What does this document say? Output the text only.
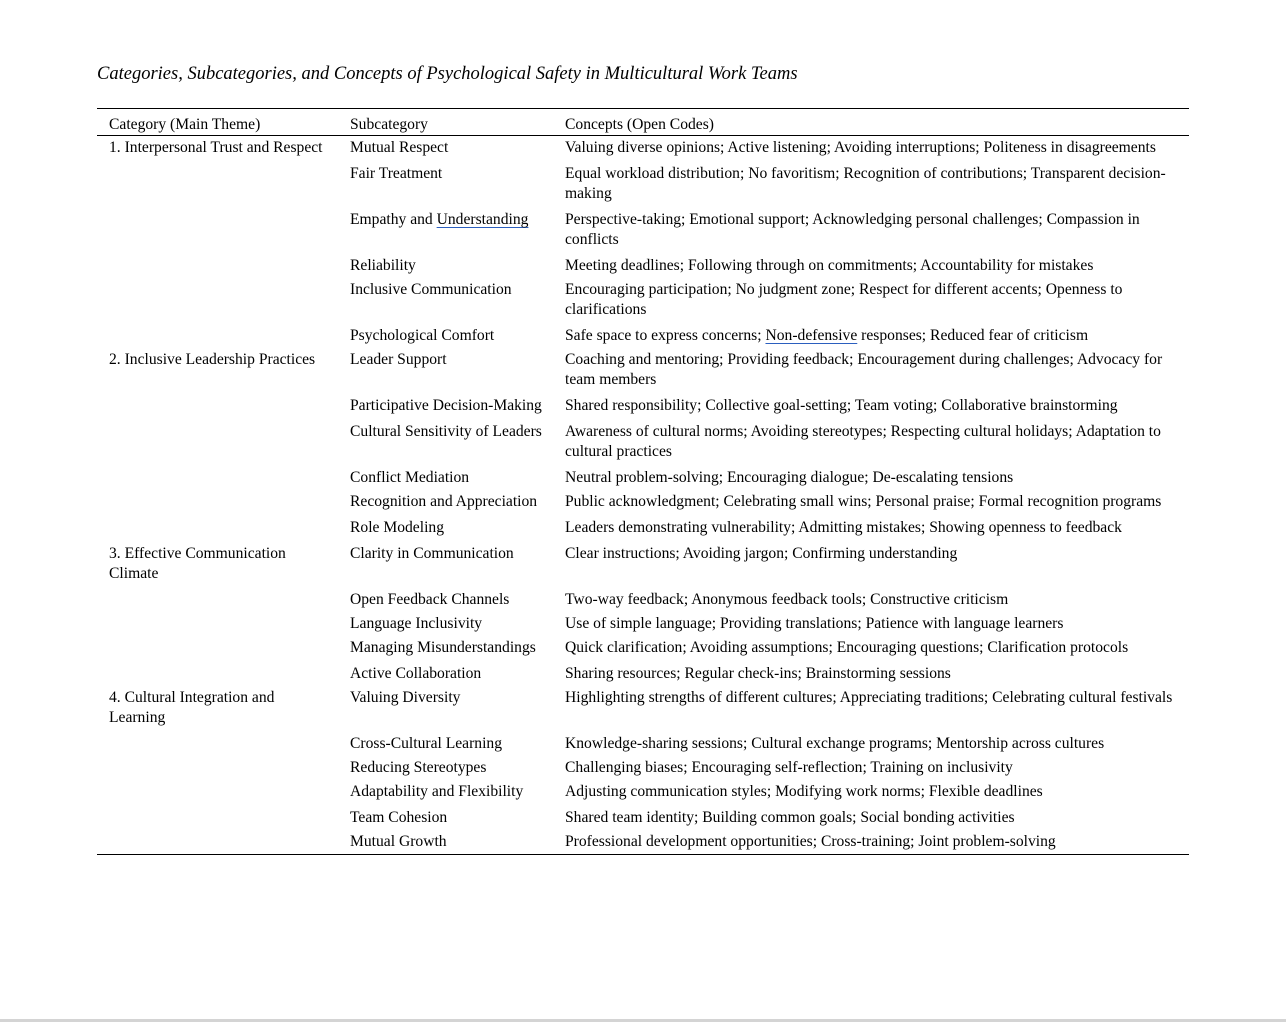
Categories, Subcategories, and Concepts of Psychological Safety in Multicultural Work Teams
Category (Main Theme)	Subcategory	Concepts (Open Codes)
1. Interpersonal Trust and Respect	Mutual Respect	Valuing diverse opinions; Active listening; Avoiding interruptions; Politeness in disagreements
	Fair Treatment	Equal workload distribution; No favoritism; Recognition of contributions; Transparent decision-making
	Empathy and Understanding	Perspective-taking; Emotional support; Acknowledging personal challenges; Compassion in conflicts
	Reliability	Meeting deadlines; Following through on commitments; Accountability for mistakes
	Inclusive Communication	Encouraging participation; No judgment zone; Respect for different accents; Openness to clarifications
	Psychological Comfort	Safe space to express concerns; Non-defensive responses; Reduced fear of criticism
2. Inclusive Leadership Practices	Leader Support	Coaching and mentoring; Providing feedback; Encouragement during challenges; Advocacy for team members
	Participative Decision-Making	Shared responsibility; Collective goal-setting; Team voting; Collaborative brainstorming
	Cultural Sensitivity of Leaders	Awareness of cultural norms; Avoiding stereotypes; Respecting cultural holidays; Adaptation to cultural practices
	Conflict Mediation	Neutral problem-solving; Encouraging dialogue; De-escalating tensions
	Recognition and Appreciation	Public acknowledgment; Celebrating small wins; Personal praise; Formal recognition programs
	Role Modeling	Leaders demonstrating vulnerability; Admitting mistakes; Showing openness to feedback
3. Effective Communication Climate	Clarity in Communication	Clear instructions; Avoiding jargon; Confirming understanding
	Open Feedback Channels	Two-way feedback; Anonymous feedback tools; Constructive criticism
	Language Inclusivity	Use of simple language; Providing translations; Patience with language learners
	Managing Misunderstandings	Quick clarification; Avoiding assumptions; Encouraging questions; Clarification protocols
	Active Collaboration	Sharing resources; Regular check-ins; Brainstorming sessions
4. Cultural Integration and Learning	Valuing Diversity	Highlighting strengths of different cultures; Appreciating traditions; Celebrating cultural festivals
	Cross-Cultural Learning	Knowledge-sharing sessions; Cultural exchange programs; Mentorship across cultures
	Reducing Stereotypes	Challenging biases; Encouraging self-reflection; Training on inclusivity
	Adaptability and Flexibility	Adjusting communication styles; Modifying work norms; Flexible deadlines
	Team Cohesion	Shared team identity; Building common goals; Social bonding activities
	Mutual Growth	Professional development opportunities; Cross-training; Joint problem-solving
